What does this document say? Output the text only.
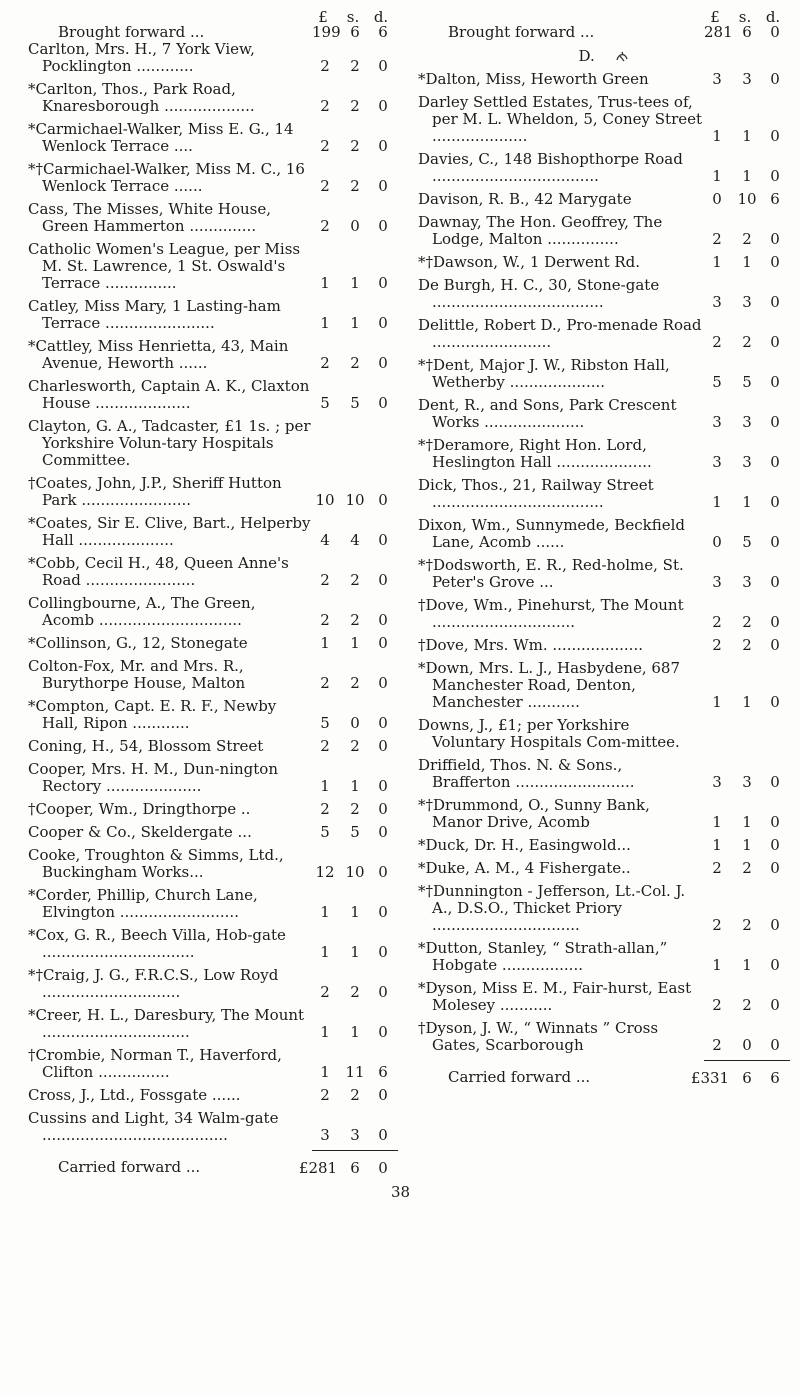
£	s. d.
Brought forward ...	199 6	6
Carlton, Mrs. H., 7 York View, Pocklington ............	2	2	0
*Carlton, Thos., Park Road, Knaresborough ...................	2	2	0
*Carmichael-Walker, Miss E. G., 14 Wenlock Terrace ....	2	2	0
*†Carmichael-Walker, Miss M. C., 16 Wenlock Terrace ......	2	2	0
Cass, The Misses, White House, Green Hammerton ..............	2	0	0
Catholic Women's League, per Miss M. St. Lawrence, 1 St. Oswald's Terrace ...............	1	1	0
Catley, Miss Mary, 1 Lasting-ham Terrace .......................	1	1	0
*Cattley, Miss Henrietta, 43, Main Avenue, Heworth ......	2	2	0
Charlesworth, Captain A. K., Claxton House ....................	5	5	0
Clayton, G. A., Tadcaster, £1 1s. ; per Yorkshire Volun-tary Hospitals Committee.
†Coates, John, J.P., Sheriff Hutton Park .......................	10 10 0
*Coates, Sir E. Clive, Bart., Helperby Hall ....................	4	4	0
*Cobb, Cecil H., 48, Queen Anne's Road .......................	2	2	0
Collingbourne, A., The Green, Acomb ..............................	2	2	0
*Collinson, G., 12, Stonegate	1	1	0
Colton-Fox, Mr. and Mrs. R., Burythorpe House, Malton	2	2	0
*Compton, Capt. E. R. F., Newby Hall, Ripon ............	5	0	0
Coning, H., 54, Blossom Street	2	2	0
Cooper, Mrs. H. M., Dun-nington Rectory ....................	1	1	0
†Cooper, Wm., Dringthorpe ..	2	2	0
Cooper & Co., Skeldergate ...	5	5	0
Cooke, Troughton & Simms, Ltd., Buckingham Works...	12 10 0
*Corder, Phillip, Church Lane, Elvington .........................	1	1	0
*Cox, G. R., Beech Villa, Hob-gate ................................	1	1	0
*†Craig, J. G., F.R.C.S., Low Royd .............................	2	2	0
*Creer, H. L., Daresbury, The Mount ...............................	1	1	0
†Crombie, Norman T., Haverford, Clifton ...............	1	11 6
Cross, J., Ltd., Fossgate ......	2	2	0
Cussins and Light, 34 Walm-gate .......................................	3	3	0
Carried forward ...	£281 6	0
£	s. d.
Brought forward ...	281 6	0
D.
*Dalton, Miss, Heworth Green	3	3	0
Darley Settled Estates, Trus-tees of, per M. L. Wheldon, 5, Coney Street ....................	1	1	0
Davies, C., 148 Bishopthorpe Road ...................................	1	1	0
Davison, R. B., 42 Marygate	0	10 6
Dawnay, The Hon. Geoffrey, The Lodge, Malton ...............	2	2	0
*†Dawson, W., 1 Derwent Rd.	1	1	0
De Burgh, H. C., 30, Stone-gate ....................................	3	3	0
Delittle, Robert D., Pro-menade Road .........................	2	2	0
*†Dent, Major J. W., Ribston Hall, Wetherby ....................	5	5	0
Dent, R., and Sons, Park Crescent Works .....................	3	3	0
*†Deramore, Right Hon. Lord, Heslington Hall ....................	3	3	0
Dick, Thos., 21, Railway Street ....................................	1	1	0
Dixon, Wm., Sunnymede, Beckfield Lane, Acomb ......	0	5	0
*†Dodsworth, E. R., Red-holme, St. Peter's Grove ...	3	3	0
†Dove, Wm., Pinehurst, The Mount ..............................	2	2	0
†Dove, Mrs. Wm. ...................	2	2	0
*Down, Mrs. L. J., Hasbydene, 687 Manchester Road, Denton, Manchester ...........	1	1	0
Downs, J., £1; per Yorkshire Voluntary Hospitals Com-mittee.
Driffield, Thos. N. & Sons., Brafferton .........................	3	3	0
*†Drummond, O., Sunny Bank, Manor Drive, Acomb	1	1	0
*Duck, Dr. H., Easingwold...	1	1	0
*Duke, A. M., 4 Fishergate..	2	2	0
*†Dunnington - Jefferson, Lt.-Col. J. A., D.S.O., Thicket Priory ...............................	2	2	0
*Dutton, Stanley, “ Strath-allan,” Hobgate .................	1	1	0
*Dyson, Miss E. M., Fair-hurst, East Molesey ...........	2	2	0
†Dyson, J. W., “ Winnats ” Cross Gates, Scarborough	2	0	0
Carried forward ...	£331 6	6
38
